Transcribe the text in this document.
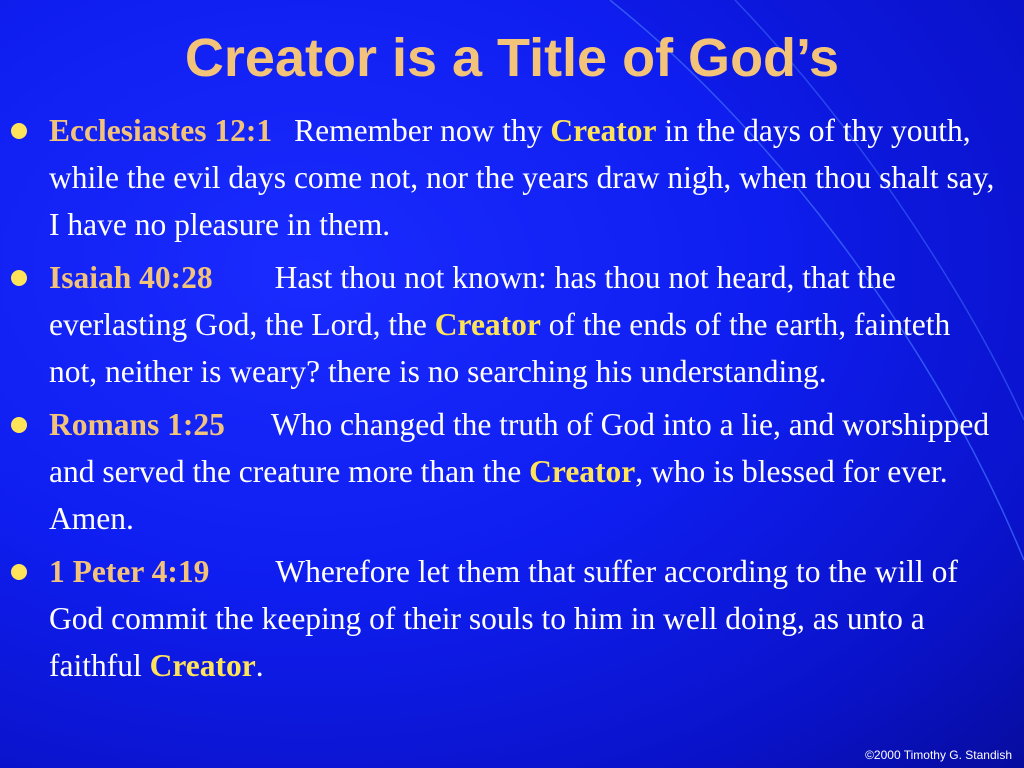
Creator is a Title of God’s
Ecclesiastes 12:1 Remember now thy Creator in the days of thy youth, while the evil days come not, nor the years draw nigh, when thou shalt say, I have no pleasure in them.
Isaiah 40:28 Hast thou not known: has thou not heard, that the everlasting God, the Lord, the Creator of the ends of the earth, fainteth not, neither is weary? there is no searching his understanding.
Romans 1:25 Who changed the truth of God into a lie, and worshipped and served the creature more than the Creator, who is blessed for ever. Amen.
1 Peter 4:19 Wherefore let them that suffer according to the will of God commit the keeping of their souls to him in well doing, as unto a faithful Creator.
©2000 Timothy G. Standish
